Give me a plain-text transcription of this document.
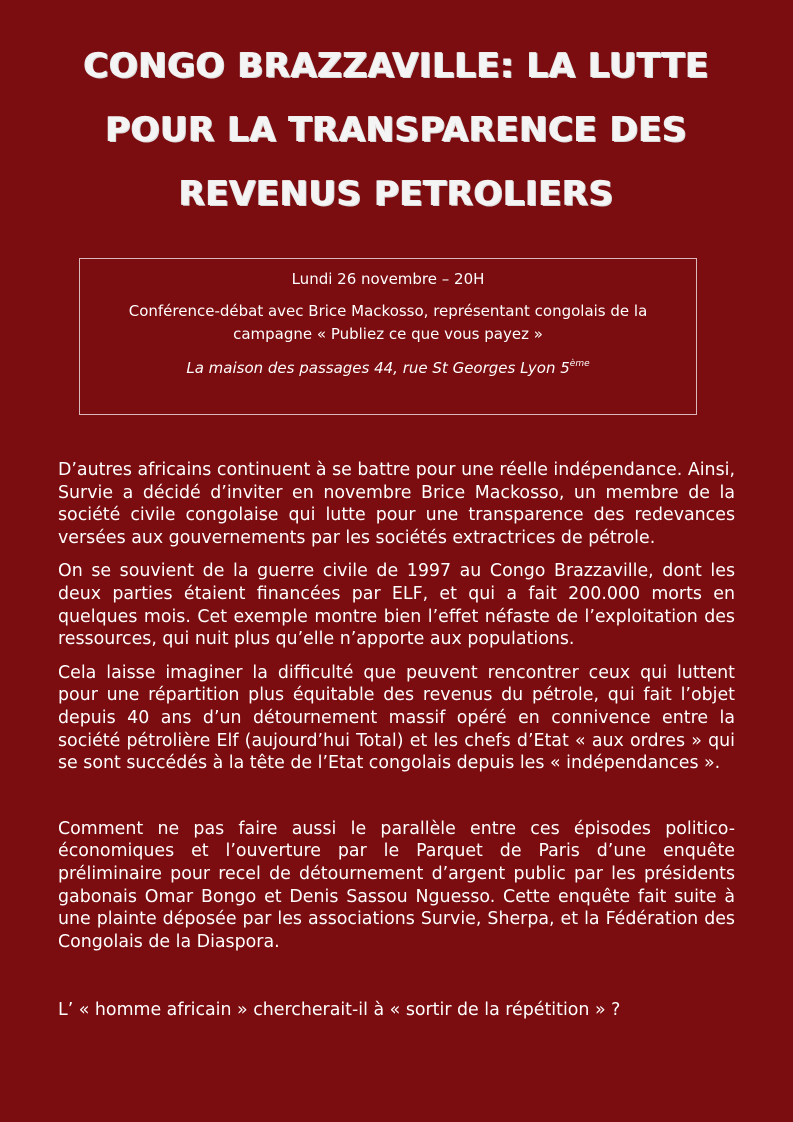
CONGO BRAZZAVILLE: LA LUTTE
POUR LA TRANSPARENCE DES
REVENUS PETROLIERS

Lundi 26 novembre – 20H

Conférence-débat avec Brice Mackosso, représentant congolais de la campagne « Publiez ce que vous payez »

La maison des passages 44, rue St Georges Lyon 5ème

D’autres africains continuent à se battre pour une réelle indépendance. Ainsi, Survie a décidé d’inviter en novembre Brice Mackosso, un membre de la société civile congolaise qui lutte pour une transparence des redevances versées aux gouvernements par les sociétés extractrices de pétrole.

On se souvient de la guerre civile de 1997 au Congo Brazzaville, dont les deux parties étaient financées par ELF, et qui a fait 200.000 morts en quelques mois. Cet exemple montre bien l’effet néfaste de l’exploitation des ressources, qui nuit plus qu’elle n’apporte aux populations.

Cela laisse imaginer la difficulté que peuvent rencontrer ceux qui luttent pour une répartition plus équitable des revenus du pétrole, qui fait l’objet depuis 40 ans d’un détournement massif opéré en connivence entre la société pétrolière Elf (aujourd’hui Total) et les chefs d’Etat « aux ordres » qui se sont succédés à la tête de l’Etat congolais depuis les « indépendances ».

Comment ne pas faire aussi le parallèle entre ces épisodes politico-économiques et l’ouverture par le Parquet de Paris d’une enquête préliminaire pour recel de détournement d’argent public par les présidents gabonais Omar Bongo et Denis Sassou Nguesso. Cette enquête fait suite à une plainte déposée par les associations Survie, Sherpa, et la Fédération des Congolais de la Diaspora.

L’ « homme africain » chercherait-il à « sortir de la répétition » ?
